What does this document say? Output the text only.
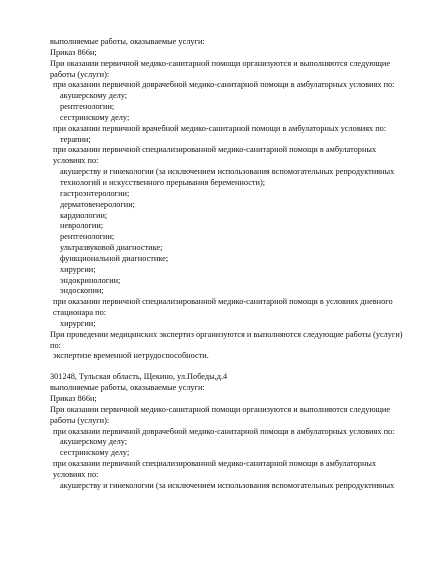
выполняемые работы, оказываемые услуги:

Приказ 866н;

При оказании первичной медико-санитарной помощи организуются и выполняются следующие работы (услуги):

при оказании первичной доврачебной медико-санитарной помощи в амбулаторных условиях по:

акушерскому делу;

рентгенологии;

сестринскому делу;

при оказании первичной врачебной медико-санитарной помощи в амбулаторных условиях по:

терапии;

при оказании первичной специализированной медико-санитарной помощи в амбулаторных условиях по:

акушерству и гинекологии (за исключением использования вспомогательных репродуктивных технологий и искусственного прерывания беременности);

гастроэнтерологии;

дерматовенерологии;

кардиологии;

неврологии;

рентгенологии;

ультразвуковой диагностике;

функциональной диагностике;

хирургии;

эндокринологии;

эндоскопии;

при оказании первичной специализированной медико-санитарной помощи в условиях дневного стационара по:

хирургии;

При проведении медицинских экспертиз организуются и выполняются следующие работы (услуги) по:

экспертизе временной нетрудоспособности.

301248, Тульская область, Щекино, ул.Победы,д.4

выполняемые работы, оказываемые услуги:

Приказ 866н;

При оказании первичной медико-санитарной помощи организуются и выполняются следующие работы (услуги):

при оказании первичной доврачебной медико-санитарной помощи в амбулаторных условиях по:

акушерскому делу;

сестринскому делу;

при оказании первичной специализированной медико-санитарной помощи в амбулаторных условиях по:

акушерству и гинекологии (за исключением использования вспомогательных репродуктивных
